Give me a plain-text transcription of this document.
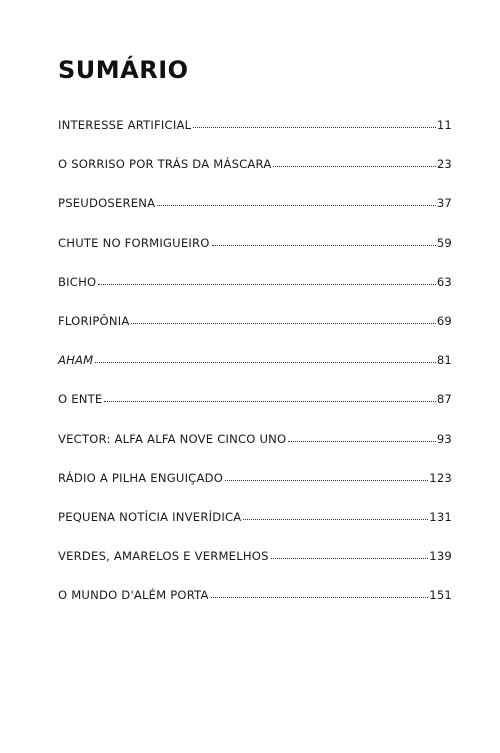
SUMÁRIO
INTERESSE ARTIFICIAL	11
O SORRISO POR TRÁS DA MÁSCARA	23
PSEUDOSERENA	37
CHUTE NO FORMIGUEIRO	59
BICHO	63
FLORIPÔNIA	69
AHAM	81
O ENTE	87
VECTOR: ALFA ALFA NOVE CINCO UNO	93
RÁDIO A PILHA ENGUIÇADO	123
PEQUENA NOTÍCIA INVERÍDICA	131
VERDES, AMARELOS E VERMELHOS	139
O MUNDO D'ALÉM PORTA	151
